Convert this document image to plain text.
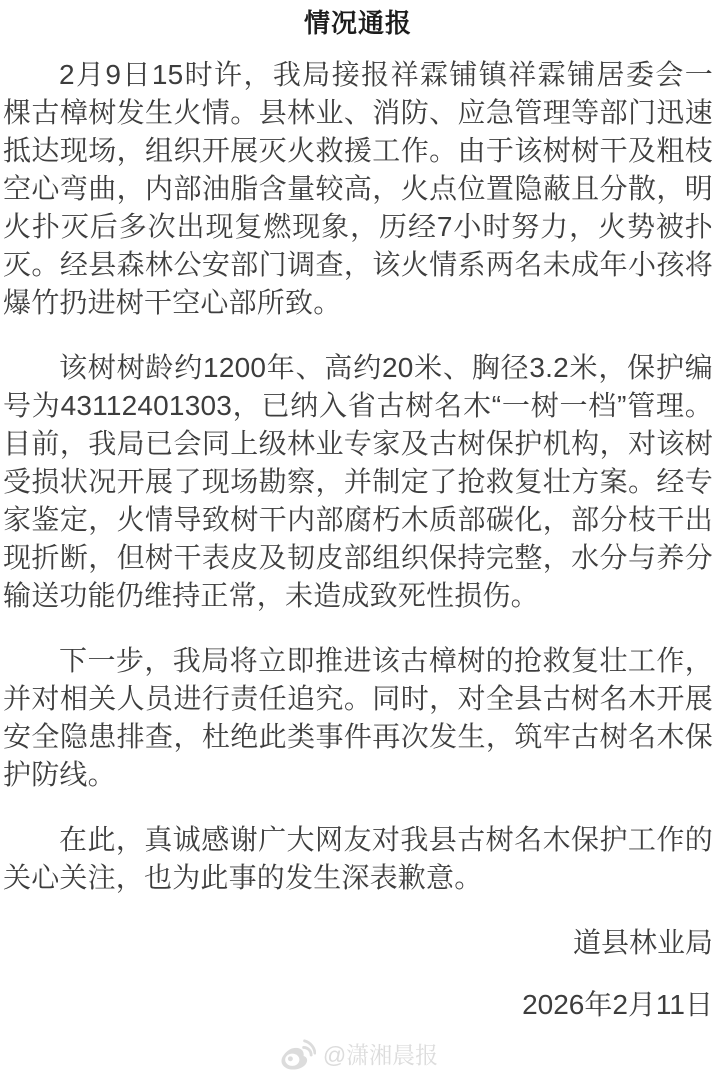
情况通报

2月9日15时许，我局接报祥霖铺镇祥霖铺居委会一棵古樟树发生火情。县林业、消防、应急管理等部门迅速抵达现场，组织开展灭火救援工作。由于该树树干及粗枝空心弯曲，内部油脂含量较高，火点位置隐蔽且分散，明火扑灭后多次出现复燃现象，历经7小时努力，火势被扑灭。经县森林公安部门调查，该火情系两名未成年小孩将爆竹扔进树干空心部所致。

该树树龄约1200年、高约20米、胸径3.2米，保护编号为43112401303，已纳入省古树名木“一树一档”管理。目前，我局已会同上级林业专家及古树保护机构，对该树受损状况开展了现场勘察，并制定了抢救复壮方案。经专家鉴定，火情导致树干内部腐朽木质部碳化，部分枝干出现折断，但树干表皮及韧皮部组织保持完整，水分与养分输送功能仍维持正常，未造成致死性损伤。

下一步，我局将立即推进该古樟树的抢救复壮工作，并对相关人员进行责任追究。同时，对全县古树名木开展安全隐患排查，杜绝此类事件再次发生，筑牢古树名木保护防线。

在此，真诚感谢广大网友对我县古树名木保护工作的关心关注，也为此事的发生深表歉意。

道县林业局

2026年2月11日

@潇湘晨报
